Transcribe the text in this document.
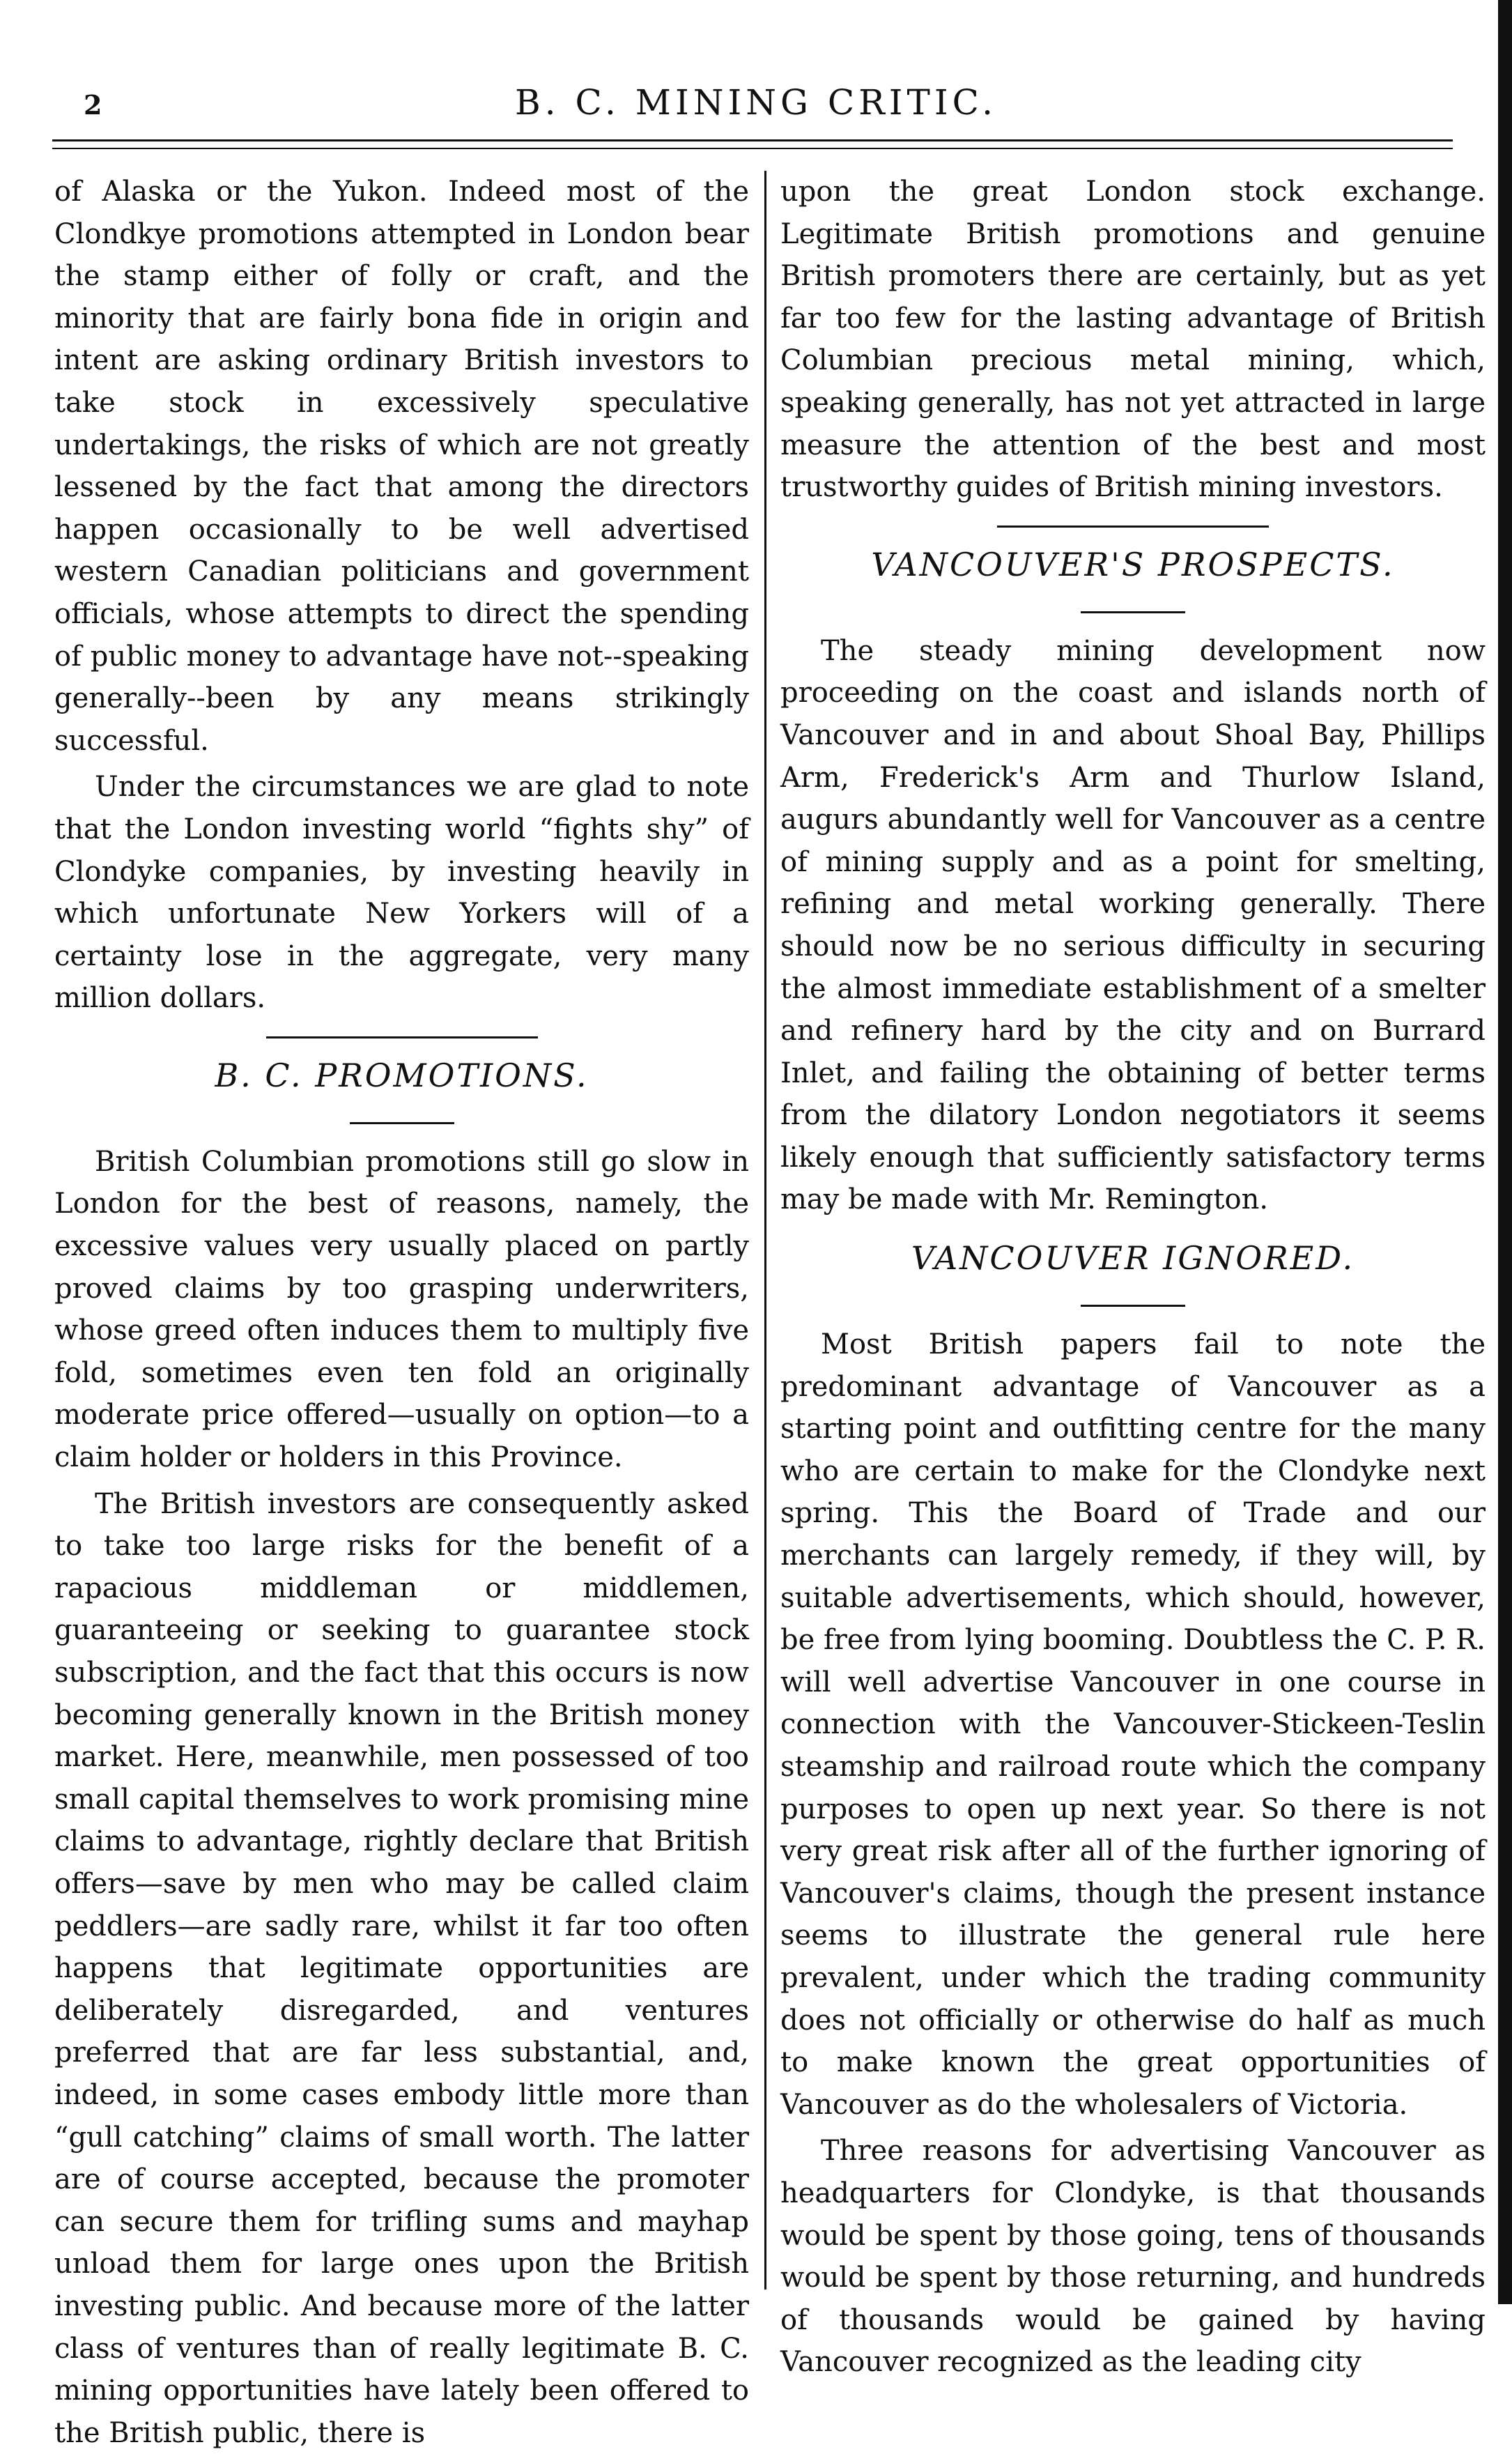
2	B. C. MINING CRITIC.

of Alaska or the Yukon. Indeed most of the Clondkye promotions attempted in London bear the stamp either of folly or craft, and the minority that are fairly bona fide in origin and intent are asking ordinary British investors to take stock in excessively speculative undertakings, the risks of which are not greatly lessened by the fact that among the directors happen occasionally to be well advertised western Canadian politicians and government officials, whose attempts to direct the spending of public money to advantage have not--speaking generally--been by any means strikingly successful.

Under the circumstances we are glad to note that the London investing world “fights shy” of Clondyke companies, by investing heavily in which unfortunate New Yorkers will of a certainty lose in the aggregate, very many million dollars.

B. C. PROMOTIONS.

British Columbian promotions still go slow in London for the best of reasons, namely, the excessive values very usually placed on partly proved claims by too grasping underwriters, whose greed often induces them to multiply five fold, sometimes even ten fold an originally moderate price offered—usually on option—to a claim holder or holders in this Province.

The British investors are consequently asked to take too large risks for the benefit of a rapacious middleman or middlemen, guaranteeing or seeking to guarantee stock subscription, and the fact that this occurs is now becoming generally known in the British money market. Here, meanwhile, men possessed of too small capital themselves to work promising mine claims to advantage, rightly declare that British offers—save by men who may be called claim peddlers—are sadly rare, whilst it far too often happens that legitimate opportunities are deliberately disregarded, and ventures preferred that are far less substantial, and, indeed, in some cases embody little more than “gull catching” claims of small worth. The latter are of course accepted, because the promoter can secure them for trifling sums and mayhap unload them for large ones upon the British investing public. And because more of the latter class of ventures than of really legitimate B. C. mining opportunities have lately been offered to the British public, there is

upon the great London stock exchange. Legitimate British promotions and genuine British promoters there are certainly, but as yet far too few for the lasting advantage of British Columbian precious metal mining, which, speaking generally, has not yet attracted in large measure the attention of the best and most trustworthy guides of British mining investors.

VANCOUVER'S PROSPECTS.

The steady mining development now proceeding on the coast and islands north of Vancouver and in and about Shoal Bay, Phillips Arm, Frederick's Arm and Thurlow Island, augurs abundantly well for Vancouver as a centre of mining supply and as a point for smelting, refining and metal working generally. There should now be no serious difficulty in securing the almost immediate establishment of a smelter and refinery hard by the city and on Burrard Inlet, and failing the obtaining of better terms from the dilatory London negotiators it seems likely enough that sufficiently satisfactory terms may be made with Mr. Remington.

VANCOUVER IGNORED.

Most British papers fail to note the predominant advantage of Vancouver as a starting point and outfitting centre for the many who are certain to make for the Clondyke next spring. This the Board of Trade and our merchants can largely remedy, if they will, by suitable advertisements, which should, however, be free from lying booming. Doubtless the C. P. R. will well advertise Vancouver in one course in connection with the Vancouver-Stickeen-Teslin steamship and railroad route which the company purposes to open up next year. So there is not very great risk after all of the further ignoring of Vancouver's claims, though the present instance seems to illustrate the general rule here prevalent, under which the trading community does not officially or otherwise do half as much to make known the great opportunities of Vancouver as do the wholesalers of Victoria.

Three reasons for advertising Vancouver as headquarters for Clondyke, is that thousands would be spent by those going, tens of thousands would be spent by those returning, and hundreds of thousands would be gained by having Vancouver recognized as the leading city
